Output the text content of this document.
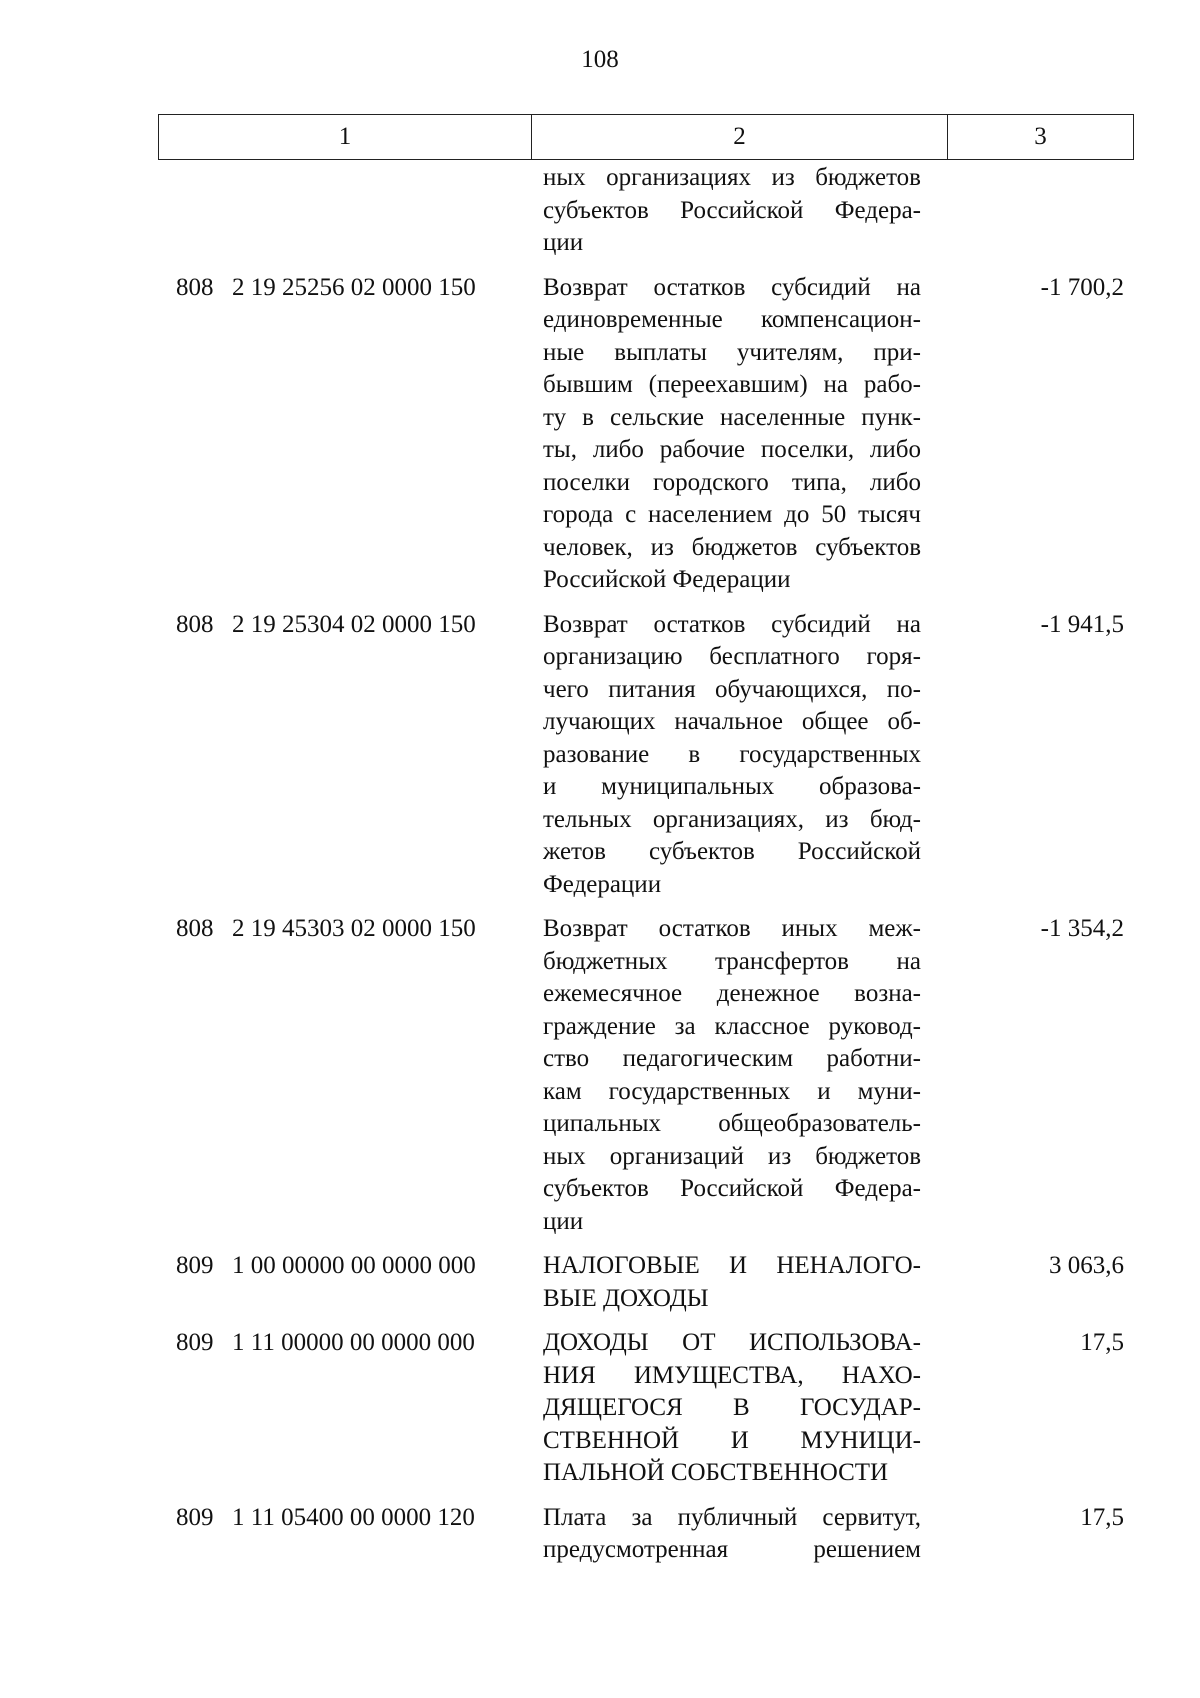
108
1	2	3
ных организациях из бюджетов
субъектов Российской Федера-
ции
808 2 19 25256 02 0000 150	Возврат остатков субсидий на
единовременные компенсацион-
ные выплаты учителям, при-
бывшим (переехавшим) на рабо-
ту в сельские населенные пунк-
ты, либо рабочие поселки, либо
поселки городского типа, либо
города с населением до 50 тысяч
человек, из бюджетов субъектов
Российской Федерации
-1 700,2
808 2 19 25304 02 0000 150	Возврат остатков субсидий на
организацию бесплатного горя-
чего питания обучающихся, по-
лучающих начальное общее об-
разование в государственных
и муниципальных образова-
тельных организациях, из бюд-
жетов субъектов Российской
Федерации
-1 941,5
808 2 19 45303 02 0000 150	Возврат остатков иных меж-
бюджетных трансфертов на
ежемесячное денежное возна-
граждение за классное руковод-
ство педагогическим работни-
кам государственных и муни-
ципальных общеобразователь-
ных организаций из бюджетов
субъектов Российской Федера-
ции
-1 354,2
809 1 00 00000 00 0000 000	НАЛОГОВЫЕ И НЕНАЛОГО-
ВЫЕ ДОХОДЫ
3 063,6
809 1 11 00000 00 0000 000	ДОХОДЫ ОТ ИСПОЛЬЗОВА-
НИЯ ИМУЩЕСТВА, НАХО-
ДЯЩЕГОСЯ В ГОСУДАР-
СТВЕННОЙ И МУНИЦИ-
ПАЛЬНОЙ СОБСТВЕННОСТИ
17,5
809 1 11 05400 00 0000 120	Плата за публичный сервитут,
предусмотренная решением
17,5
